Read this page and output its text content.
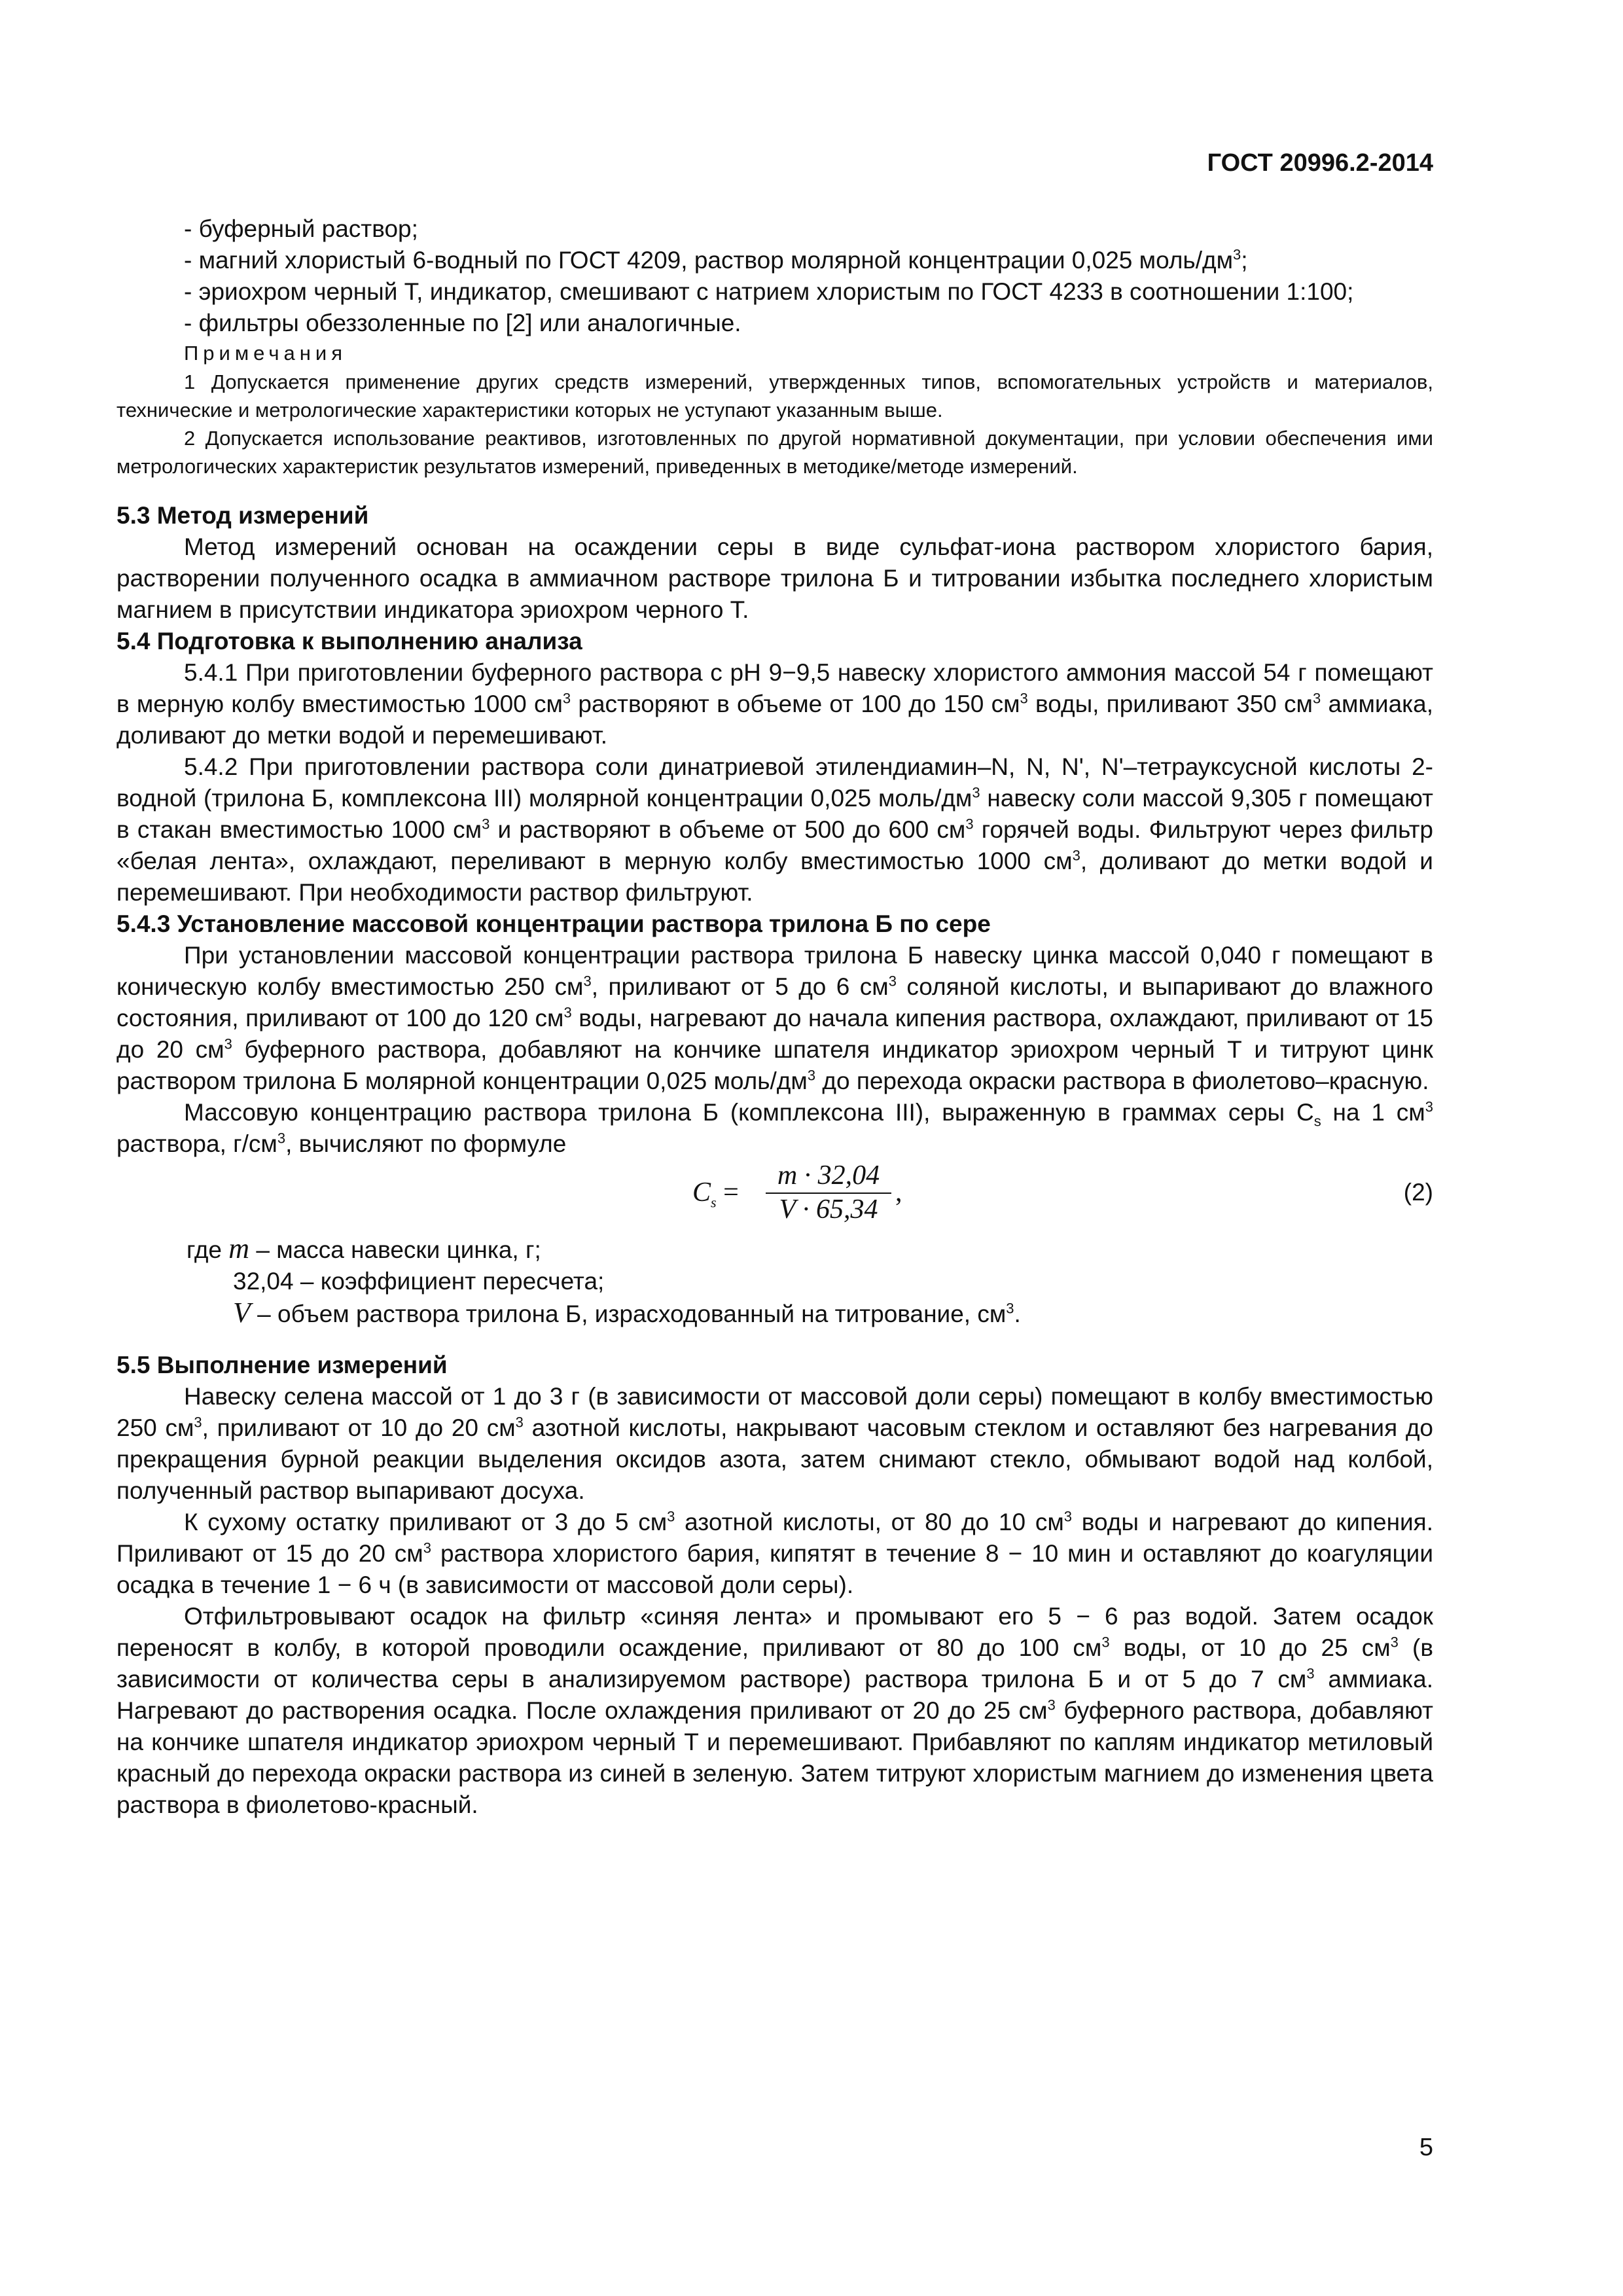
ГОСТ 20996.2-2014

- буферный раствор;

- магний хлористый 6-водный по ГОСТ 4209, раствор молярной концентрации 0,025 моль/$дм^3$;

- эриохром черный Т, индикатор, смешивают с натрием хлористым по ГОСТ 4233 в соотношении 1:100;

- фильтры обеззоленные по [2] или аналогичные.

Примечания

1 Допускается применение других средств измерений, утвержденных типов, вспомогательных устройств и материалов, технические и метрологические характеристики которых не уступают указанным выше.

2 Допускается использование реактивов, изготовленных по другой нормативной документации, при условии обеспечения ими метрологических характеристик результатов измерений, приведенных в методике/методе измерений.

5.3 Метод измерений

Метод измерений основан на осаждении серы в виде сульфат-иона раствором хлористого бария, растворении полученного осадка в аммиачном растворе трилона Б и титровании избытка последнего хлористым магнием в присутствии индикатора эриохром черного Т.

5.4 Подготовка к выполнению анализа

5.4.1 При приготовлении буферного раствора с рН 9−9,5 навеску хлористого аммония массой 54 г помещают в мерную колбу вместимостью 1000 $см^3$ растворяют в объеме от 100 до 150 $см^3$ воды, приливают 350 $см^3$ аммиака, доливают до метки водой и перемешивают.

5.4.2 При приготовлении раствора соли динатриевой этилендиамин–N, N, N', N'–тетрауксусной кислоты 2-водной (трилона Б, комплексона III) молярной концентрации 0,025 моль/$дм^3$ навеску соли массой 9,305 г помещают в стакан вместимостью 1000 $см^3$ и растворяют в объеме от 500 до 600 $см^3$ горячей воды. Фильтруют через фильтр «белая лента», охлаждают, переливают в мерную колбу вместимостью 1000 $см^3$, доливают до метки водой и перемешивают. При необходимости раствор фильтруют.

5.4.3 Установление массовой концентрации раствора трилона Б по сере

При установлении массовой концентрации раствора трилона Б навеску цинка массой 0,040 г помещают в коническую колбу вместимостью 250 $см^3$, приливают от 5 до 6 $см^3$ соляной кислоты, и выпаривают до влажного состояния, приливают от 100 до 120 $см^3$ воды, нагревают до начала кипения раствора, охлаждают, приливают от 15 до 20 $см^3$ буферного раствора, добавляют на кончике шпателя индикатор эриохром черный Т и титруют цинк раствором трилона Б молярной концентрации 0,025 моль/$дм^3$ до перехода окраски раствора в фиолетово–красную.

Массовую концентрацию раствора трилона Б (комплексона III), выраженную в граммах серы $C_s$ на 1 $см^3$ раствора, $г/см^3$, вычисляют по формуле

$C_s$ =
m · 32,04
V · 65,34
,	(2)
где m – масса навески цинка, г;
32,04 – коэффициент пересчета;
V – объем раствора трилона Б, израсходованный на титрование, $см^3$.

5.5 Выполнение измерений

Навеску селена массой от 1 до 3 г (в зависимости от массовой доли серы) помещают в колбу вместимостью 250 $см^3$, приливают от 10 до 20 $см^3$ азотной кислоты, накрывают часовым стеклом и оставляют без нагревания до прекращения бурной реакции выделения оксидов азота, затем снимают стекло, обмывают водой над колбой, полученный раствор выпаривают досуха.

К сухому остатку приливают от 3 до 5 $см^3$ азотной кислоты, от 80 до 10 $см^3$ воды и нагревают до кипения. Приливают от 15 до 20 $см^3$ раствора хлористого бария, кипятят в течение 8 − 10 мин и оставляют до коагуляции осадка в течение 1 − 6 ч (в зависимости от массовой доли серы).

Отфильтровывают осадок на фильтр «синяя лента» и промывают его 5 − 6 раз водой. Затем осадок переносят в колбу, в которой проводили осаждение, приливают от 80 до 100 $см^3$ воды, от 10 до 25 $см^3$ (в зависимости от количества серы в анализируемом растворе) раствора трилона Б и от 5 до 7 $см^3$ аммиака. Нагревают до растворения осадка. После охлаждения приливают от 20 до 25 $см^3$ буферного раствора, добавляют на кончике шпателя индикатор эриохром черный Т и перемешивают. Прибавляют по каплям индикатор метиловый красный до перехода окраски раствора из синей в зеленую. Затем титруют хлористым магнием до изменения цвета раствора в фиолетово-красный.

5
